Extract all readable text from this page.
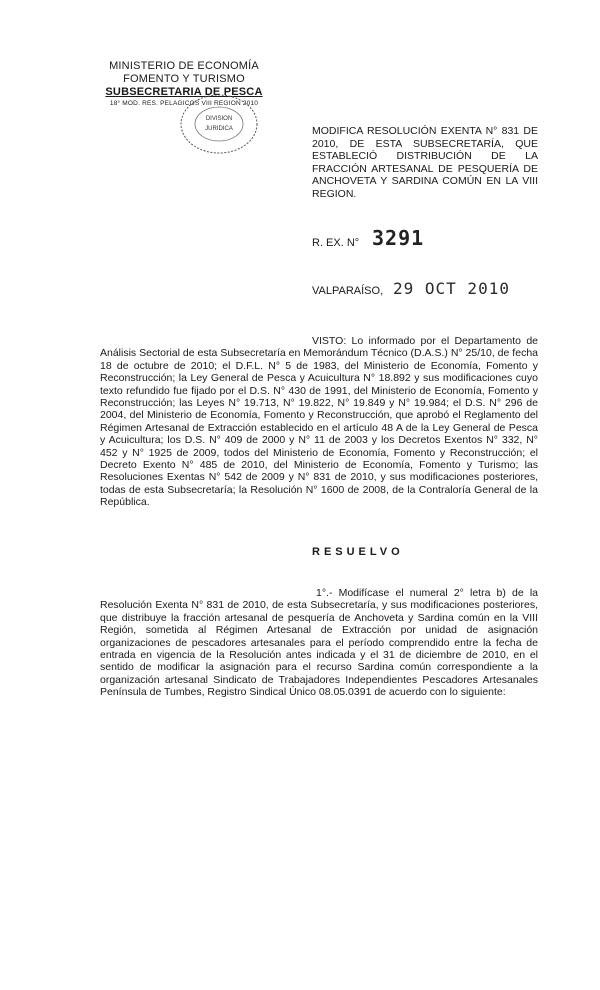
MINISTERIO DE ECONOMÍA
FOMENTO Y TURISMO
SUBSECRETARIA DE PESCA
18° MOD. RES. PELAGICOS VIII REGION 2010
DIVISION
JURIDICA	MODIFICA RESOLUCIÓN EXENTA N° 831 DE 2010, DE ESTA SUBSECRETARÍA, QUE ESTABLECIÓ DISTRIBUCIÓN DE LA FRACCIÓN ARTESANAL DE PESQUERÍA DE ANCHOVETA Y SARDINA COMÚN EN LA VIII REGION.
R. EX. N° 3291
VALPARAÍSO, 29 OCT 2010
VISTO: Lo informado por el Departamento de Análisis Sectorial de esta Subsecretaría en Memorándum Técnico (D.A.S.) N° 25/10, de fecha 18 de octubre de 2010; el D.F.L. N° 5 de 1983, del Ministerio de Economía, Fomento y Reconstrucción; la Ley General de Pesca y Acuicultura N° 18.892 y sus modificaciones cuyo texto refundido fue fijado por el D.S. N° 430 de 1991, del Ministerio de Economía, Fomento y Reconstrucción; las Leyes N° 19.713, N° 19.822, N° 19.849 y N° 19.984; el D.S. N° 296 de 2004, del Ministerio de Economía, Fomento y Reconstrucción, que aprobó el Reglamento del Régimen Artesanal de Extracción establecido en el artículo 48 A de la Ley General de Pesca y Acuicultura; los D.S. N° 409 de 2000 y N° 11 de 2003 y los Decretos Exentos N° 332, N° 452 y N° 1925 de 2009, todos del Ministerio de Economía, Fomento y Reconstrucción; el Decreto Exento N° 485 de 2010, del Ministerio de Economía, Fomento y Turismo; las Resoluciones Exentas N° 542 de 2009 y N° 831 de 2010, y sus modificaciones posteriores, todas de esta Subsecretaría; la Resolución N° 1600 de 2008, de la Contraloría General de la República.
RESUELVO
1°.- Modifícase el numeral 2° letra b) de la Resolución Exenta N° 831 de 2010, de esta Subsecretaría, y sus modificaciones posteriores, que distribuye la fracción artesanal de pesquería de Anchoveta y Sardina común en la VIII Región, sometida al Régimen Artesanal de Extracción por unidad de asignación organizaciones de pescadores artesanales para el período comprendido entre la fecha de entrada en vigencia de la Resolución antes indicada y el 31 de diciembre de 2010, en el sentido de modificar la asignación para el recurso Sardina común correspondiente a la organización artesanal Sindicato de Trabajadores Independientes Pescadores Artesanales Península de Tumbes, Registro Sindical Único 08.05.0391 de acuerdo con lo siguiente:
